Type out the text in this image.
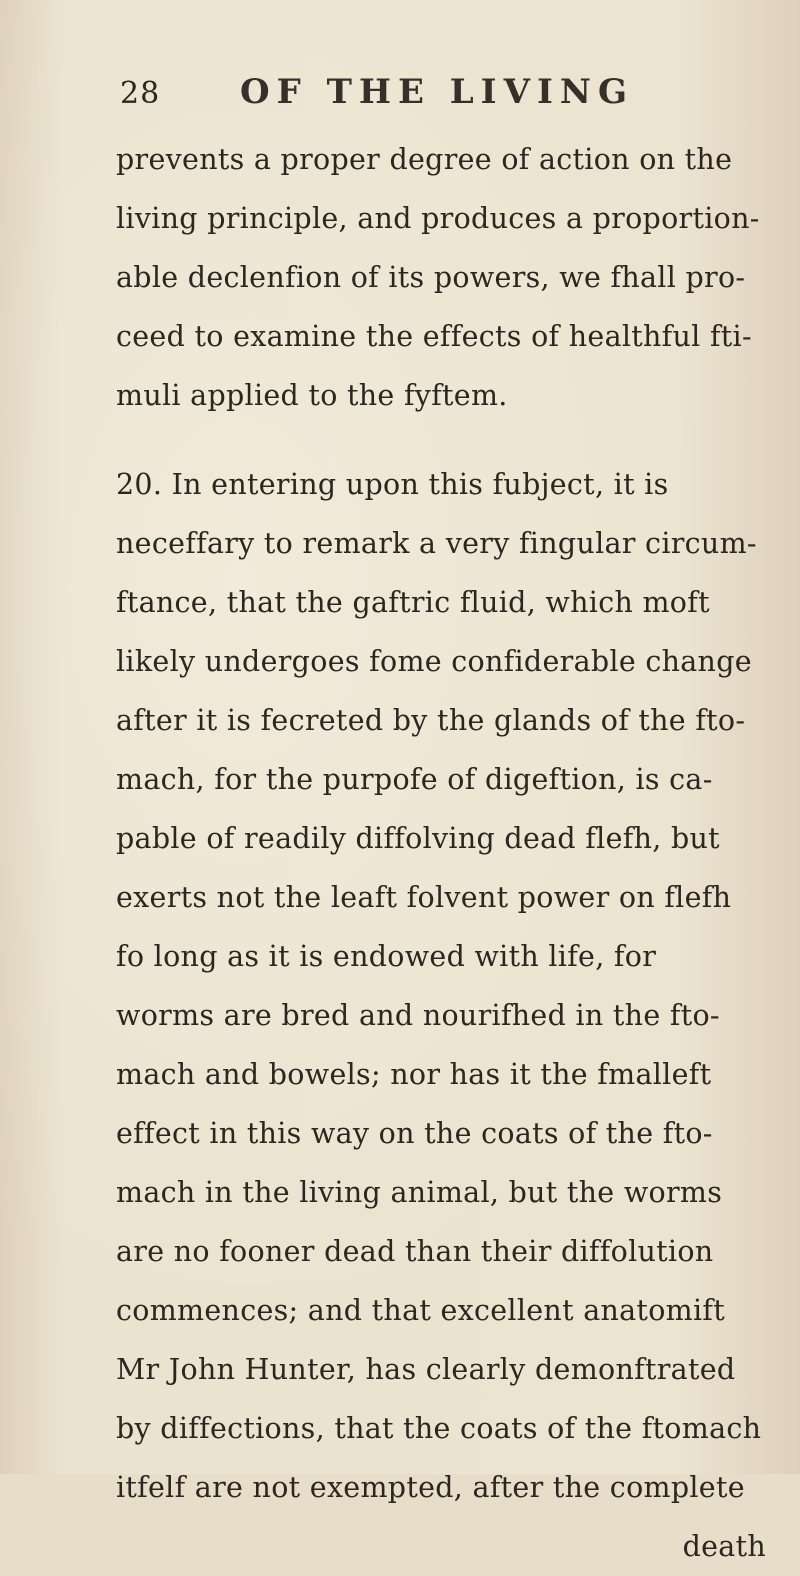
28 OF THE LIVING
prevents a proper degree of action on the
living principle, and produces a proportion-
able declenfion of its powers, we fhall pro-
ceed to examine the effects of healthful fti-
muli applied to the fyftem.
20. In entering upon this fubject, it is
neceffary to remark a very fingular circum-
ftance, that the gaftric fluid, which moft
likely undergoes fome confiderable change
after it is fecreted by the glands of the fto-
mach, for the purpofe of digeftion, is ca-
pable of readily diffolving dead flefh, but
exerts not the leaft folvent power on flefh
fo long as it is endowed with life, for
worms are bred and nourifhed in the fto-
mach and bowels; nor has it the fmalleft
effect in this way on the coats of the fto-
mach in the living animal, but the worms
are no fooner dead than their diffolution
commences; and that excellent anatomift
Mr John Hunter, has clearly demonftrated
by diffections, that the coats of the ftomach
itfelf are not exempted, after the complete
death
